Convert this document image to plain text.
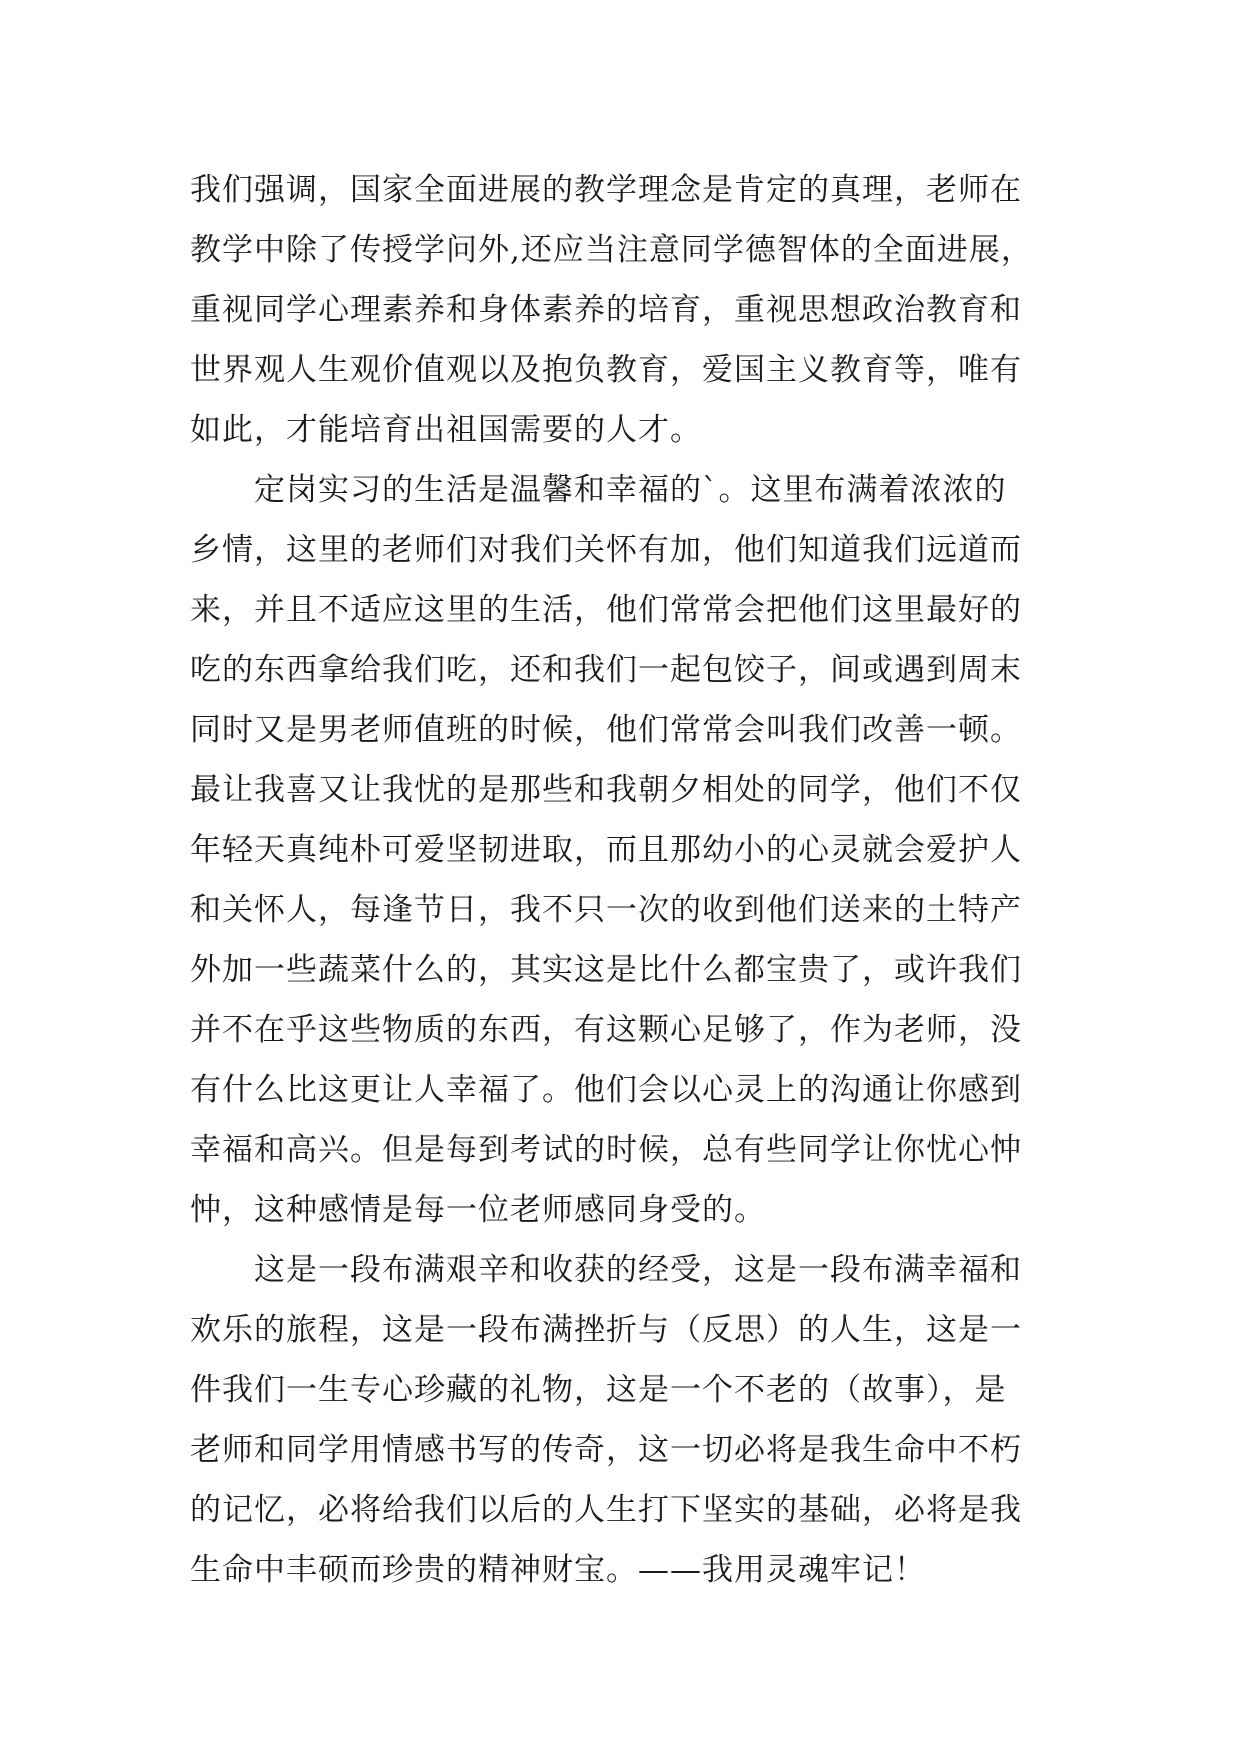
我们强调，国家全面进展的教学理念是肯定的真理，老师在
教学中除了传授学问外,还应当注意同学德智体的全面进展，
重视同学心理素养和身体素养的培育，重视思想政治教育和
世界观人生观价值观以及抱负教育，爱国主义教育等，唯有
如此，才能培育出祖国需要的人才。
　　定岗实习的生活是温馨和幸福的`。这里布满着浓浓的
乡情，这里的老师们对我们关怀有加，他们知道我们远道而
来，并且不适应这里的生活，他们常常会把他们这里最好的
吃的东西拿给我们吃，还和我们一起包饺子，间或遇到周末
同时又是男老师值班的时候，他们常常会叫我们改善一顿。
最让我喜又让我忧的是那些和我朝夕相处的同学，他们不仅
年轻天真纯朴可爱坚韧进取，而且那幼小的心灵就会爱护人
和关怀人，每逢节日，我不只一次的收到他们送来的土特产
外加一些蔬菜什么的，其实这是比什么都宝贵了，或许我们
并不在乎这些物质的东西，有这颗心足够了，作为老师，没
有什么比这更让人幸福了。他们会以心灵上的沟通让你感到
幸福和高兴。但是每到考试的时候，总有些同学让你忧心忡
忡，这种感情是每一位老师感同身受的。
　　这是一段布满艰辛和收获的经受，这是一段布满幸福和
欢乐的旅程，这是一段布满挫折与（反思）的人生，这是一
件我们一生专心珍藏的礼物，这是一个不老的（故事），是
老师和同学用情感书写的传奇，这一切必将是我生命中不朽
的记忆，必将给我们以后的人生打下坚实的基础，必将是我
生命中丰硕而珍贵的精神财宝。——我用灵魂牢记！
